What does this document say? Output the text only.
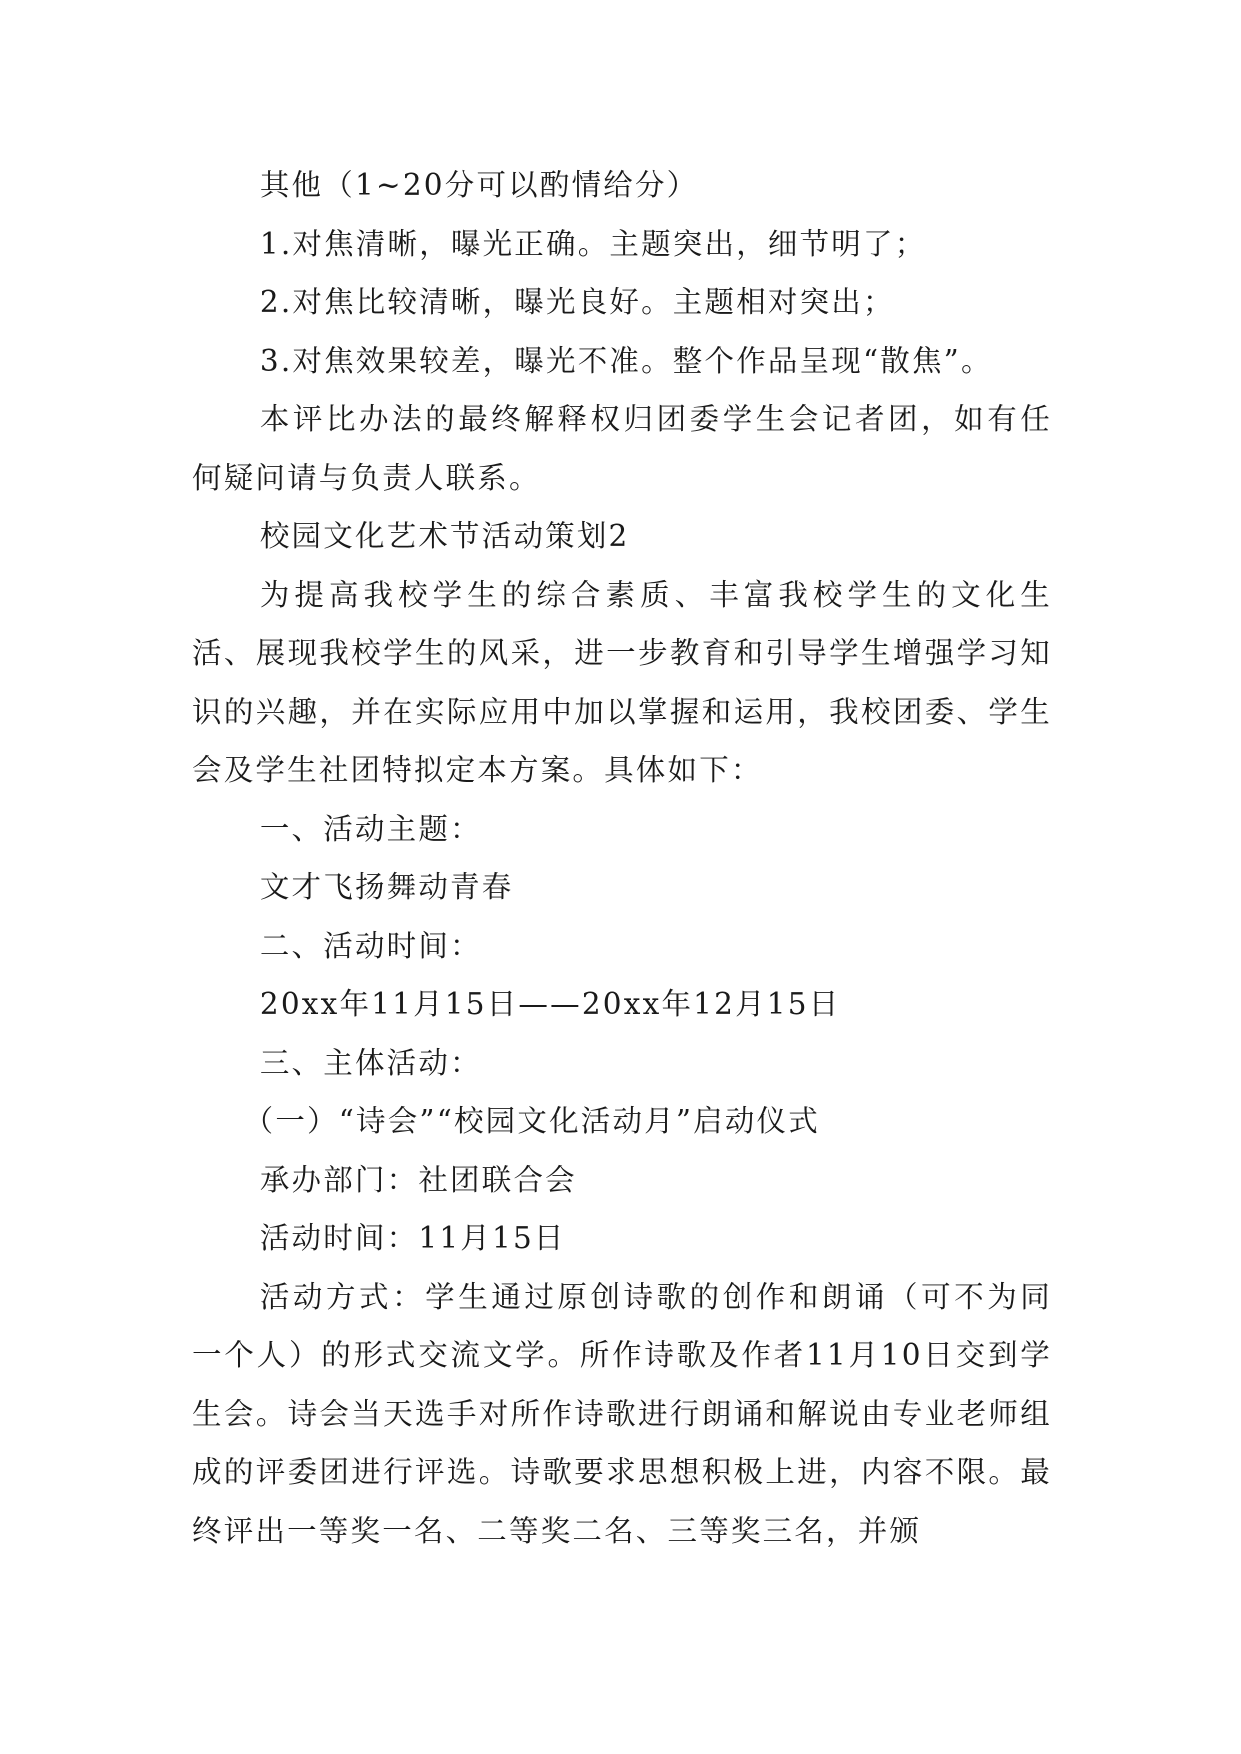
其他（1~20分可以酌情给分）

1.对焦清晰，曝光正确。主题突出，细节明了；

2.对焦比较清晰，曝光良好。主题相对突出；

3.对焦效果较差，曝光不准。整个作品呈现“散焦”。

本评比办法的最终解释权归团委学生会记者团，如有任何疑问请与负责人联系。

校园文化艺术节活动策划2

为提高我校学生的综合素质、丰富我校学生的文化生活、展现我校学生的风采，进一步教育和引导学生增强学习知识的兴趣，并在实际应用中加以掌握和运用，我校团委、学生会及学生社团特拟定本方案。具体如下：

一、活动主题：

文才飞扬舞动青春

二、活动时间：

20xx年11月15日——20xx年12月15日

三、主体活动：

（一）“诗会”“校园文化活动月”启动仪式

承办部门：社团联合会

活动时间：11月15日

活动方式：学生通过原创诗歌的创作和朗诵（可不为同一个人）的形式交流文学。所作诗歌及作者11月10日交到学生会。诗会当天选手对所作诗歌进行朗诵和解说由专业老师组成的评委团进行评选。诗歌要求思想积极上进，内容不限。最终评出一等奖一名、二等奖二名、三等奖三名，并颁
